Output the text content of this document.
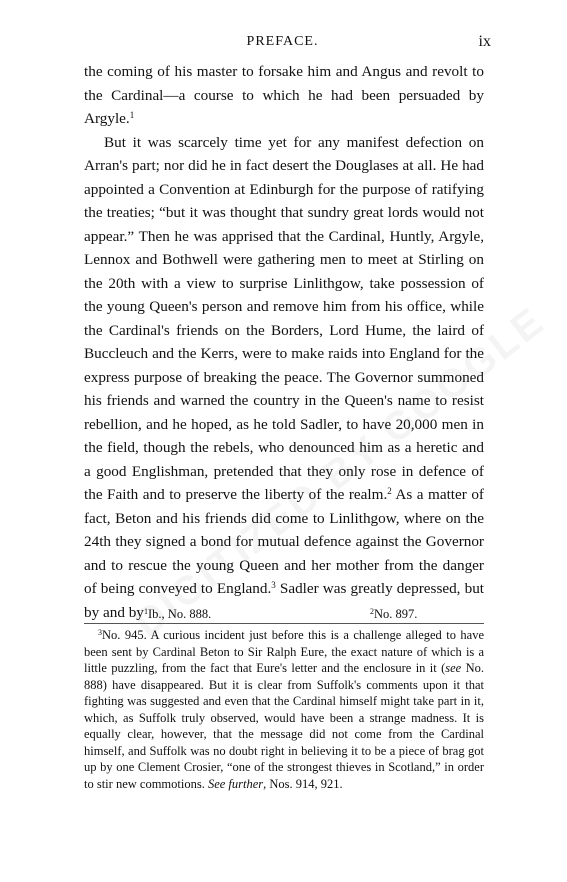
PREFACE.	ix

the coming of his master to forsake him and Angus and revolt to the Cardinal—a course to which he had been persuaded by Argyle.$^1$

But it was scarcely time yet for any manifest defection on Arran's part; nor did he in fact desert the Douglases at all. He had appointed a Convention at Edinburgh for the purpose of ratifying the treaties; “but it was thought that sundry great lords would not appear.” Then he was apprised that the Cardinal, Huntly, Argyle, Lennox and Bothwell were gathering men to meet at Stirling on the 20th with a view to surprise Linlithgow, take possession of the young Queen's person and remove him from his office, while the Cardinal's friends on the Borders, Lord Hume, the laird of Buccleuch and the Kerrs, were to make raids into England for the express purpose of breaking the peace. The Governor summoned his friends and warned the country in the Queen's name to resist rebellion, and he hoped, as he told Sadler, to have 20,000 men in the field, though the rebels, who denounced him as a heretic and a good Englishman, pretended that they only rose in defence of the Faith and to preserve the liberty of the realm.$^2$ As a matter of fact, Beton and his friends did come to Linlithgow, where on the 24th they signed a bond for mutual defence against the Governor and to rescue the young Queen and her mother from the danger of being conveyed to England.$^3$ Sadler was greatly depressed, but by and by $^1$Ib., No. 888.	$^2$No. 897.

$^3$No. 945. A curious incident just before this is a challenge alleged to have been sent by Cardinal Beton to Sir Ralph Eure, the exact nature of which is a little puzzling, from the fact that Eure's letter and the enclosure in it (see No. 888) have disappeared. But it is clear from Suffolk's comments upon it that fighting was suggested and even that the Cardinal himself might take part in it, which, as Suffolk truly observed, would have been a strange madness. It is equally clear, however, that the message did not come from the Cardinal himself, and Suffolk was no doubt right in believing it to be a piece of brag got up by one Clement Crosier, “one of the strongest thieves in Scotland,” in order to stir new commotions. See further, Nos. 914, 921.
